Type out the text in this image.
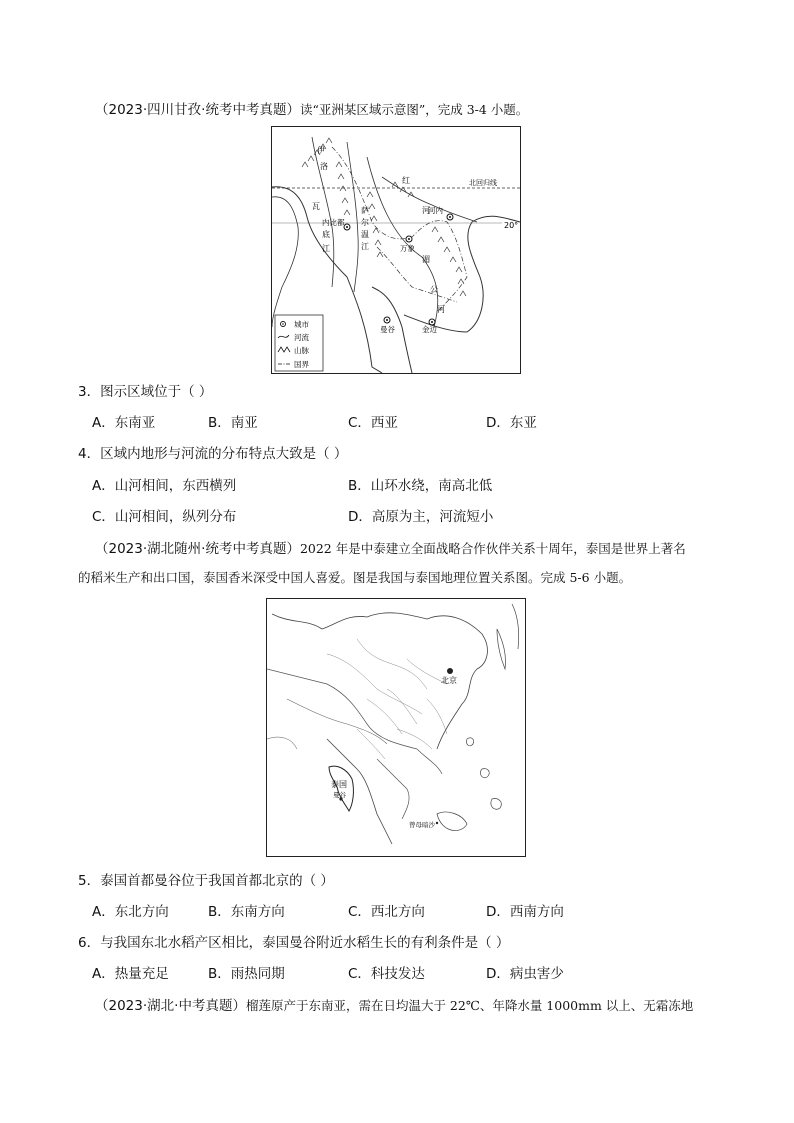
（2023·四川甘孜·统考中考真题）读“亚洲某区域示意图”，完成 3-4 小题。
北回归线
20°
河内
万象
曼谷	金边
内比都
红
河
伊
洛
瓦
底
江
萨
尔
温
江
湄
公
河
城市
河流
山脉
国界
3．图示区域位于（ ）
A．东南亚	B．南亚	C．西亚	D．东亚
4．区域内地形与河流的分布特点大致是（ ）
A．山河相间，东西横列	B．山环水绕，南高北低
C．山河相间，纵列分布	D．高原为主，河流短小
（2023·湖北随州·统考中考真题）2022 年是中泰建立全面战略合作伙伴关系十周年，泰国是世界上著名
的稻米生产和出口国，泰国香米深受中国人喜爱。图是我国与泰国地理位置关系图。完成 5-6 小题。
北京
泰国
曼谷
曾母暗沙
5．泰国首都曼谷位于我国首都北京的（ ）
A．东北方向	B．东南方向	C．西北方向	D．西南方向
6．与我国东北水稻产区相比，泰国曼谷附近水稻生长的有利条件是（ ）
A．热量充足	B．雨热同期	C．科技发达	D．病虫害少
（2023·湖北·中考真题）榴莲原产于东南亚，需在日均温大于 22℃、年降水量 1000mm 以上、无霜冻地
